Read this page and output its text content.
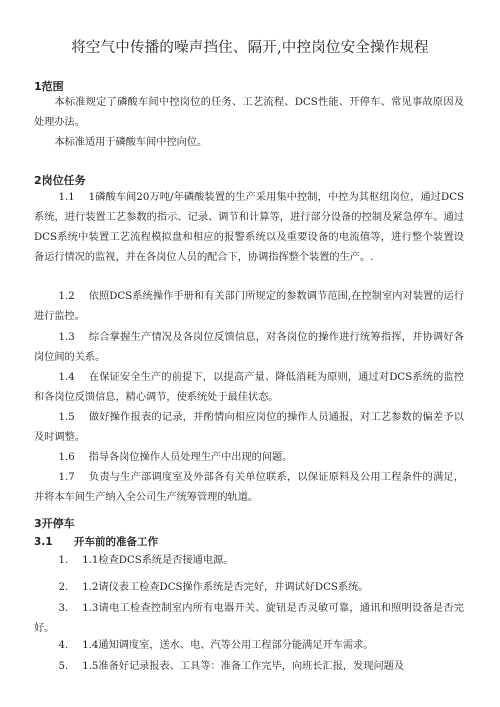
将空气中传播的噪声挡住、隔开,中控岗位安全操作规程
1范围
本标准规定了磷酸车间中控岗位的任务、工艺流程、DCS性能、开停车、常见事故原因及处理办法。
本标准适用于磷酸车间中控向位。
2岗位任务
1.1 1磷酸车间20万吨/年磷酸装置的生产采用集中控制，中控为其枢纽岗位，通过DCS系统，进行装置工艺参数的指示、记录、调节和计算等，进行部分设备的控制及紧急停车。通过DCS系统中装置工艺流程模拟盘和相应的报警系统以及重要设备的电流值等，进行整个装置设备运行情况的监视，并在各岗位人员的配合下，协调指挥整个装置的生产。.
1.2 依照DCS系统操作手册和有关部门所规定的参数调节范围,在控制室内对装置的运行进行监控。
1.3 综合掌握生产情况及各岗位反馈信息，对各岗位的操作进行统筹指挥，并协调好各岗位间的关系。
1.4 在保证安全生产的前提下，以提高产量、降低消耗为原则，通过对DCS系统的监控和各岗位反馈信息，精心调节，使系统处于最佳状态。
1.5 做好操作报表的记录，并酌情向相应岗位的操作人员通报，对工艺参数的偏差予以及时调整。
1.6 指导各岗位操作人员处理生产中出现的问题。
1.7 负责与生产部调度室及外部各有关单位联系，以保证原料及公用工程条件的满足，并将本车间生产纳入全公司生产统筹管理的轨道。
3开停车
3.1 开车前的准备工作
1. 1.1检查DCS系统是否接通电源。
2. 1.2请仪表工检查DCS操作系统是否完好，并调试好DCS系统。
3. 1.3请电工检查控制室内所有电器开关、旋钮是否灵敏可靠，通讯和照明设备是否完好。
4. 1.4通知调度室，送水、电、汽等公用工程部分能满足开车需求。
5. 1.5准备好记录报表、工具等：准备工作完毕，向班长汇报，发现问题及
